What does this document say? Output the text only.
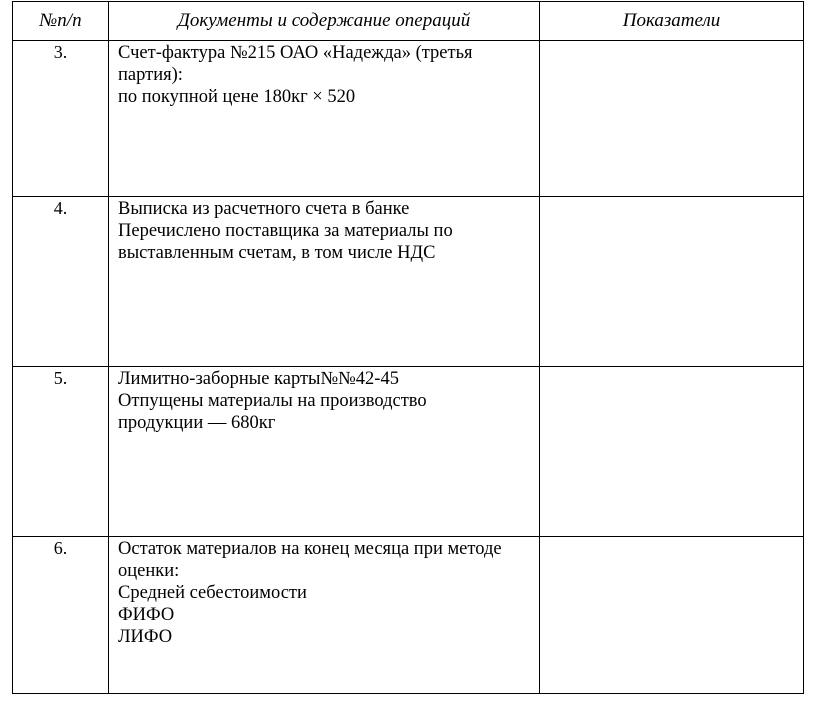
№п/п	Документы и содержание операций	Показатели
3.	Счет-фактура №215 ОАО «Надежда» (третья
партия):
по покупной цене 180кг × 520	

4.	Выписка из расчетного счета в банке
Перечислено поставщика за материалы по
выставленным счетам, в том числе НДС	

5.	Лимитно-заборные карты№№42-45
Отпущены материалы на производство
продукции — 680кг	

6.	Остаток материалов на конец месяца при методе
оценки:
Средней себестоимости
ФИФО
ЛИФО	
